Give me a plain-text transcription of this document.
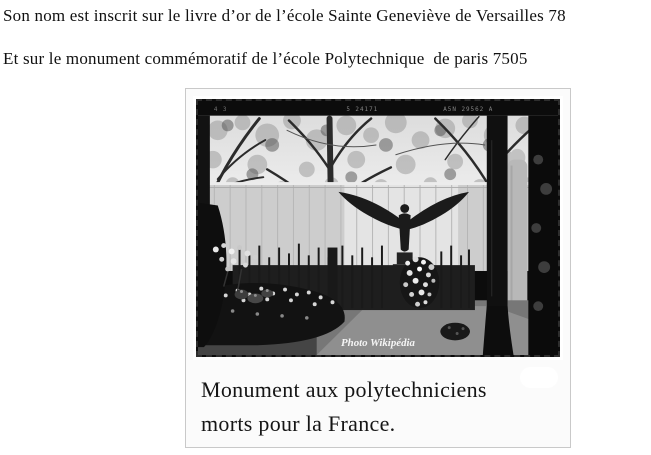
Son nom est inscrit sur le livre d’or de l’école Sainte Geneviève de Versailles 78
Et sur le monument commémoratif de l’école Polytechnique  de paris 7505
4 3	5 24171	A5N 29562 A
Photo Wikipédia
Monument aux polytechniciens
morts pour la France.
